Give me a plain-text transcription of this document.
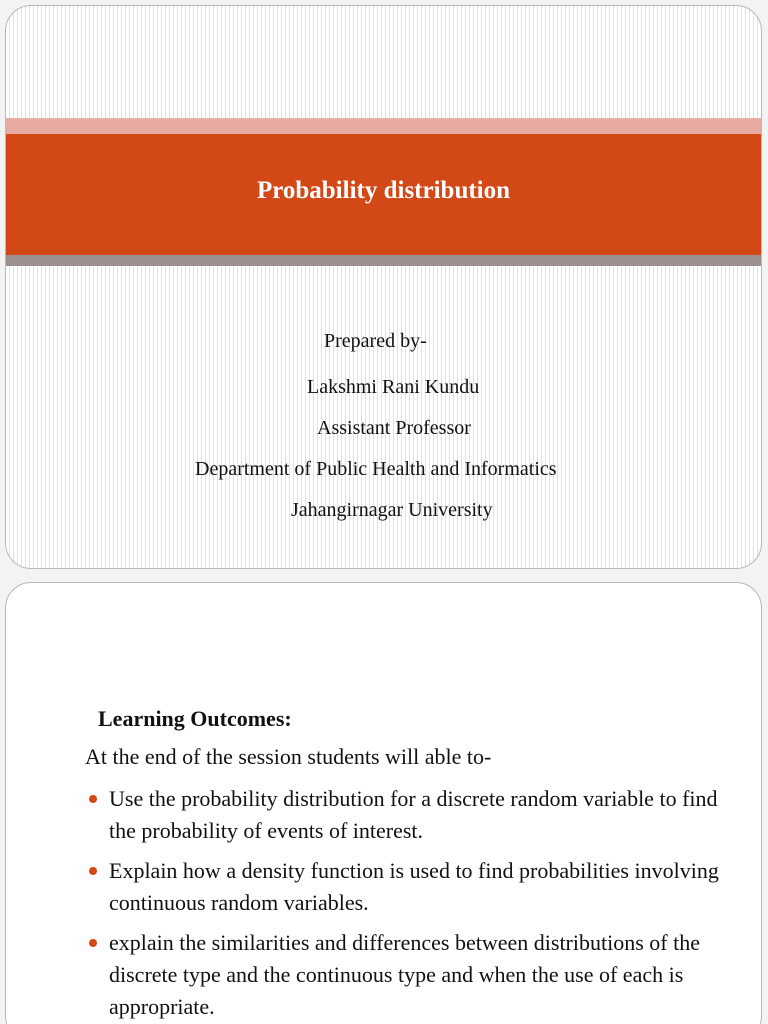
Probability distribution
Prepared by-
Lakshmi Rani Kundu
Assistant Professor
Department of Public Health and Informatics
Jahangirnagar University
Learning Outcomes:
At the end of the session students will able to-
Use the probability distribution for a discrete random variable to find the probability of events of interest.
Explain how a density function is used to find probabilities involving continuous random variables.
explain the similarities and differences between distributions of the discrete type and the continuous type and when the use of each is appropriate.
